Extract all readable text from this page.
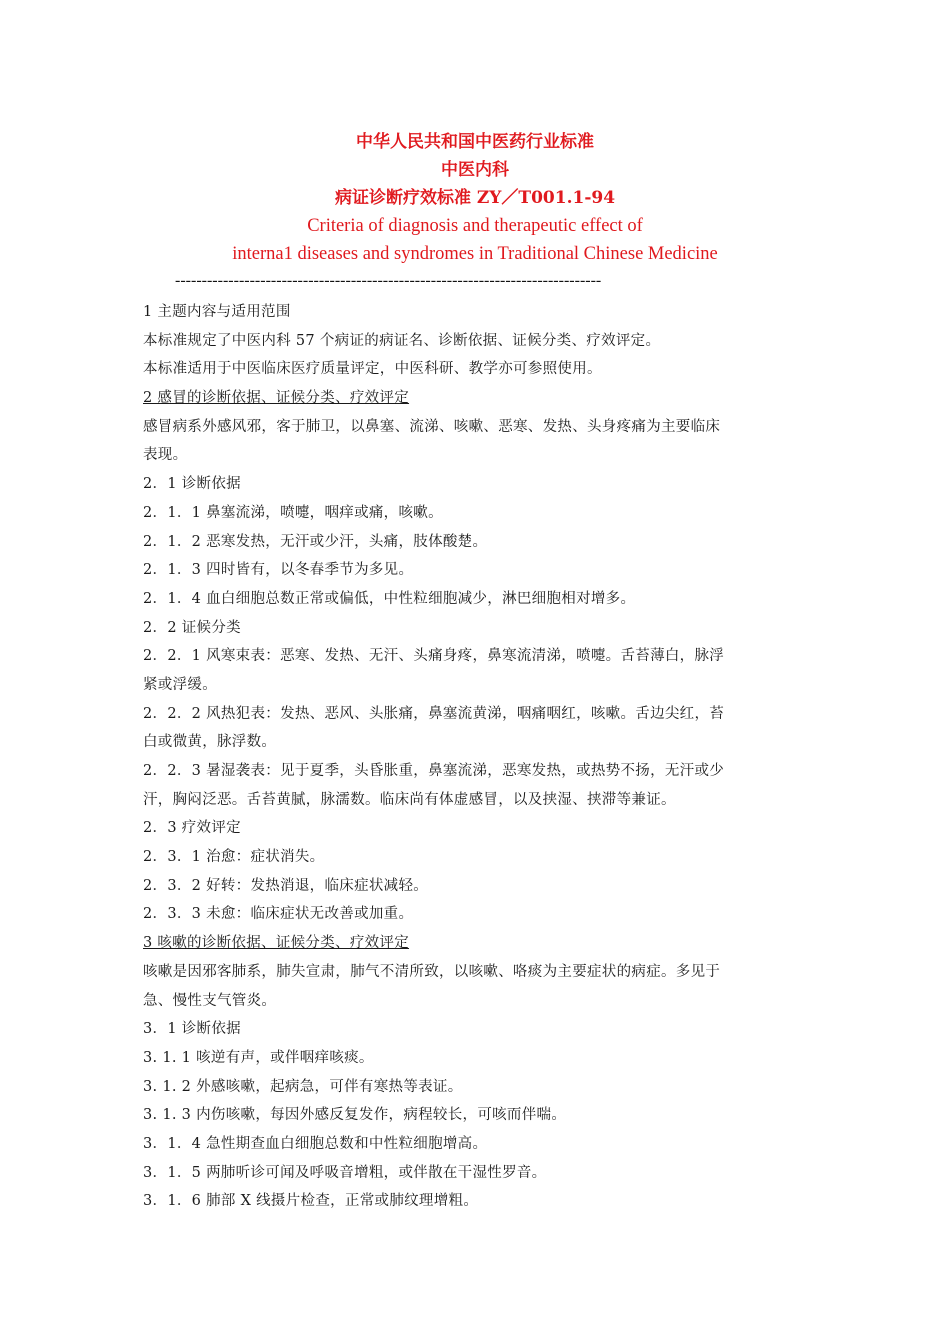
中华人民共和国中医药行业标准
中医内科
病证诊断疗效标准 ZY／T001.1-94
Criteria of diagnosis and therapeutic effect of
interna1 diseases and syndromes in Traditional Chinese Medicine
--------------------------------------------------------------------------------
1 主题内容与适用范围
本标准规定了中医内科 57 个病证的病证名、诊断依据、证候分类、疗效评定。
本标准适用于中医临床医疗质量评定，中医科研、教学亦可参照使用。
2 感冒的诊断依据、证候分类、疗效评定
感冒病系外感风邪，客于肺卫，以鼻塞、流涕、咳嗽、恶寒、发热、头身疼痛为主要临床
表现。
2．1 诊断依据
2．1．1 鼻塞流涕，喷嚏，咽痒或痛，咳嗽。
2．1．2 恶寒发热，无汗或少汗，头痛，肢体酸楚。
2．1．3 四时皆有，以冬春季节为多见。
2．1．4 血白细胞总数正常或偏低，中性粒细胞减少，淋巴细胞相对增多。
2．2 证候分类
2．2．1 风寒束表：恶寒、发热、无汗、头痛身疼，鼻寒流清涕，喷嚏。舌苔薄白，脉浮
紧或浮缓。
2．2．2 风热犯表：发热、恶风、头胀痛，鼻塞流黄涕，咽痛咽红，咳嗽。舌边尖红，苔
白或微黄，脉浮数。
2．2．3 暑湿袭表：见于夏季，头昏胀重，鼻塞流涕，恶寒发热，或热势不扬，无汗或少
汗，胸闷泛恶。舌苔黄腻，脉濡数。临床尚有体虚感冒，以及挟湿、挟滞等兼证。
2．3 疗效评定
2．3．1 治愈：症状消失。
2．3．2 好转：发热消退，临床症状减轻。
2．3．3 未愈：临床症状无改善或加重。
3 咳嗽的诊断依据、证候分类、疗效评定
咳嗽是因邪客肺系，肺失宣肃，肺气不清所致，以咳嗽、咯痰为主要症状的病症。多见于
急、慢性支气管炎。
3．1 诊断依据
3. 1. 1 咳逆有声，或伴咽痒咳痰。
3. 1. 2 外感咳嗽，起病急，可伴有寒热等表证。
3. 1. 3 内伤咳嗽，每因外感反复发作，病程较长，可咳而伴喘。
3．1．4 急性期查血白细胞总数和中性粒细胞增高。
3．1．5 两肺听诊可闻及呼吸音增粗，或伴散在干湿性罗音。
3．1．6 肺部 X 线摄片检查，正常或肺纹理增粗。
